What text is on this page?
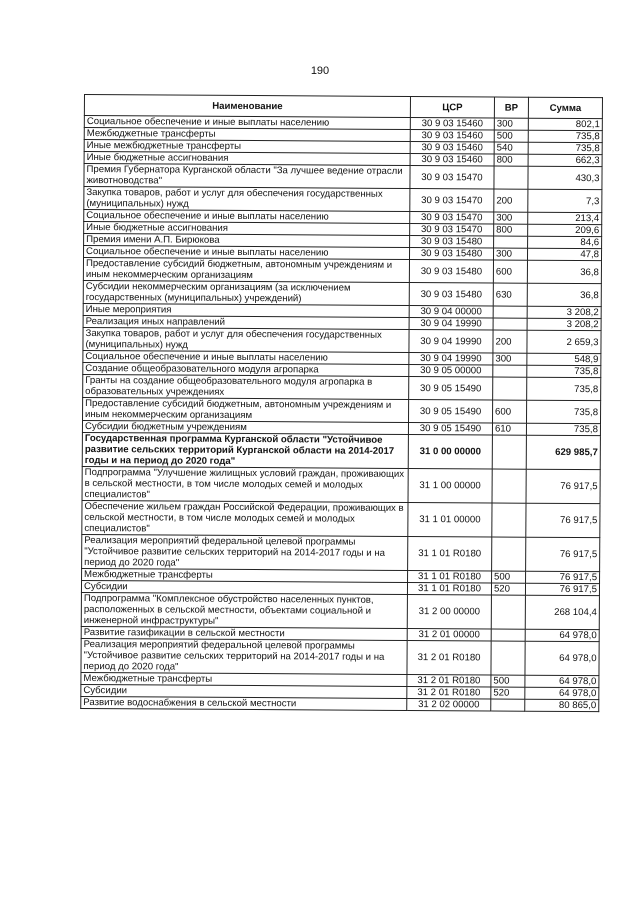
190
Наименование	ЦСР	ВР	Сумма
Социальное обеспечение и иные выплаты населению	30 9 03 15460	300	802,1
Межбюджетные трансферты	30 9 03 15460	500	735,8
Иные межбюджетные трансферты	30 9 03 15460	540	735,8
Иные бюджетные ассигнования	30 9 03 15460	800	662,3
Премия Губернатора Курганской области "За лучшее ведение отрасли животноводства"	30 9 03 15470		430,3
Закупка товаров, работ и услуг для обеспечения государственных (муниципальных) нужд	30 9 03 15470	200	7,3
Социальное обеспечение и иные выплаты населению	30 9 03 15470	300	213,4
Иные бюджетные ассигнования	30 9 03 15470	800	209,6
Премия имени А.П. Бирюкова	30 9 03 15480		84,6
Социальное обеспечение и иные выплаты населению	30 9 03 15480	300	47,8
Предоставление субсидий бюджетным, автономным учреждениям и иным некоммерческим организациям	30 9 03 15480	600	36,8
Субсидии некоммерческим организациям (за исключением государственных (муниципальных) учреждений)	30 9 03 15480	630	36,8
Иные мероприятия	30 9 04 00000		3 208,2
Реализация иных направлений	30 9 04 19990		3 208,2
Закупка товаров, работ и услуг для обеспечения государственных (муниципальных) нужд	30 9 04 19990	200	2 659,3
Социальное обеспечение и иные выплаты населению	30 9 04 19990	300	548,9
Создание общеобразовательного модуля агропарка	30 9 05 00000		735,8
Гранты на создание общеобразовательного модуля агропарка в образовательных учреждениях	30 9 05 15490		735,8
Предоставление субсидий бюджетным, автономным учреждениям и иным некоммерческим организациям	30 9 05 15490	600	735,8
Субсидии бюджетным учреждениям	30 9 05 15490	610	735,8
Государственная программа Курганской области "Устойчивое развитие сельских территорий Курганской области на 2014-2017 годы и на период до 2020 года"	31 0 00 00000		629 985,7
Подпрограмма "Улучшение жилищных условий граждан, проживающих в сельской местности, в том числе молодых семей и молодых специалистов"	31 1 00 00000		76 917,5
Обеспечение жильем граждан Российской Федерации, проживающих в сельской местности, в том числе молодых семей и молодых специалистов"	31 1 01 00000		76 917,5
Реализация мероприятий федеральной целевой программы "Устойчивое развитие сельских территорий на 2014-2017 годы и на период до 2020 года"	31 1 01 R0180		76 917,5
Межбюджетные трансферты	31 1 01 R0180	500	76 917,5
Субсидии	31 1 01 R0180	520	76 917,5
Подпрограмма "Комплексное обустройство населенных пунктов, расположенных в сельской местности, объектами социальной и инженерной инфраструктуры"	31 2 00 00000		268 104,4
Развитие газификации в сельской местности	31 2 01 00000		64 978,0
Реализация мероприятий федеральной целевой программы "Устойчивое развитие сельских территорий на 2014-2017 годы и на период до 2020 года"	31 2 01 R0180		64 978,0
Межбюджетные трансферты	31 2 01 R0180	500	64 978,0
Субсидии	31 2 01 R0180	520	64 978,0
Развитие водоснабжения в сельской местности	31 2 02 00000		80 865,0
